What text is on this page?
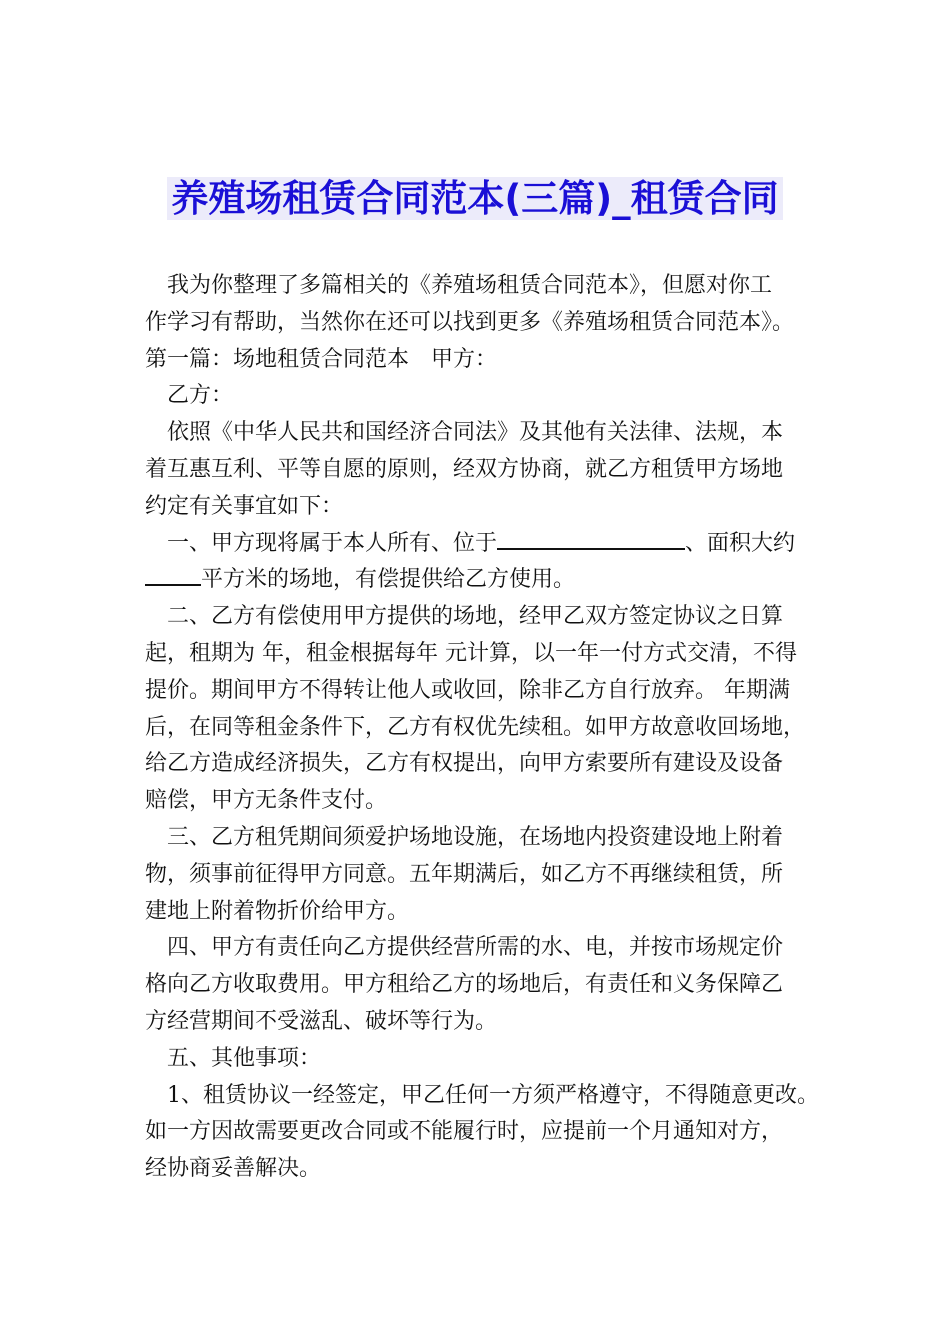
养殖场租赁合同范本(三篇)_租赁合同
我为你整理了多篇相关的《养殖场租赁合同范本》，但愿对你工
作学习有帮助，当然你在还可以找到更多《养殖场租赁合同范本》。
第一篇：场地租赁合同范本　甲方：
乙方：
依照《中华人民共和国经济合同法》及其他有关法律、法规，本
着互惠互利、平等自愿的原则，经双方协商，就乙方租赁甲方场地
约定有关事宜如下：
一、甲方现将属于本人所有、位于	、面积大约
平方米的场地，有偿提供给乙方使用。
二、乙方有偿使用甲方提供的场地，经甲乙双方签定协议之日算
起，租期为 年，租金根据每年 元计算，以一年一付方式交清，不得
提价。期间甲方不得转让他人或收回，除非乙方自行放弃。 年期满
后，在同等租金条件下，乙方有权优先续租。如甲方故意收回场地，
给乙方造成经济损失，乙方有权提出，向甲方索要所有建设及设备
赔偿，甲方无条件支付。
三、乙方租凭期间须爱护场地设施，在场地内投资建设地上附着
物，须事前征得甲方同意。五年期满后，如乙方不再继续租赁，所
建地上附着物折价给甲方。
四、甲方有责任向乙方提供经营所需的水、电，并按市场规定价
格向乙方收取费用。甲方租给乙方的场地后，有责任和义务保障乙
方经营期间不受滋乱、破坏等行为。
五、其他事项：
1、租赁协议一经签定，甲乙任何一方须严格遵守，不得随意更改。
如一方因故需要更改合同或不能履行时，应提前一个月通知对方，
经协商妥善解决。
